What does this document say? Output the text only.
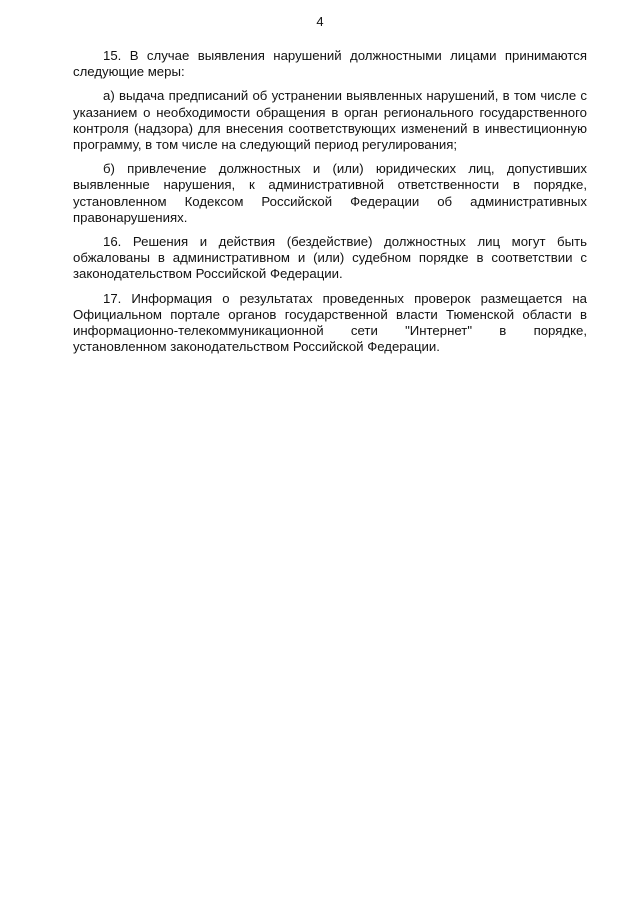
4

15. В случае выявления нарушений должностными лицами принимаются следующие меры:

а) выдача предписаний об устранении выявленных нарушений, в том числе с указанием о необходимости обращения в орган регионального государственного контроля (надзора) для внесения соответствующих изменений в инвестиционную программу, в том числе на следующий период регулирования;

б) привлечение должностных и (или) юридических лиц, допустивших выявленные нарушения, к административной ответственности в порядке, установленном Кодексом Российской Федерации об административных правонарушениях.

16. Решения и действия (бездействие) должностных лиц могут быть обжалованы в административном и (или) судебном порядке в соответствии с законодательством Российской Федерации.

17. Информация о результатах проведенных проверок размещается на Официальном портале органов государственной власти Тюменской области в информационно-телекоммуникационной сети "Интернет" в порядке, установленном законодательством Российской Федерации.
